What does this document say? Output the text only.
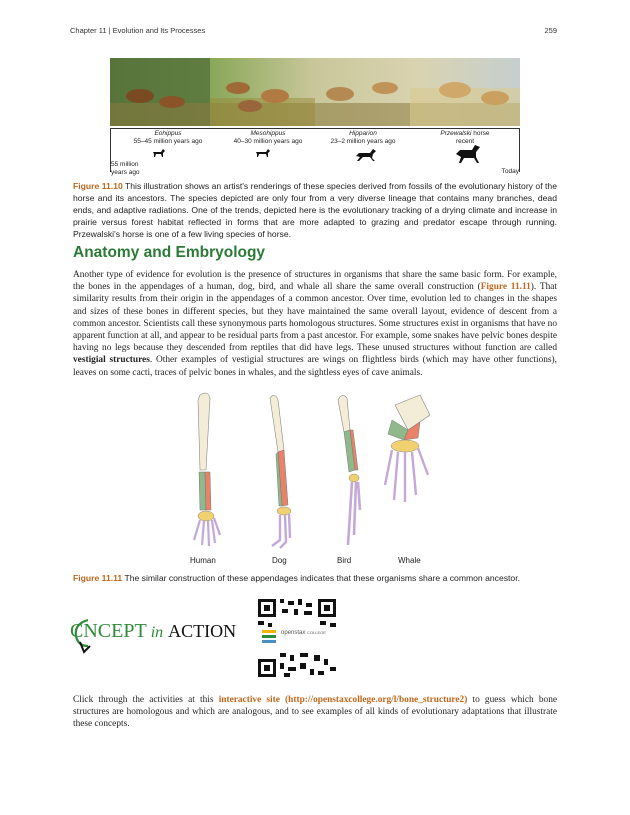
Chapter 11 | Evolution and Its Processes	259
Eohippus
55–45 million years ago
Mesohippus
40–30 million years ago
Hipparion
23–2 million years ago
Przewalski horse
recent
55 million
years ago	Today
Figure 11.10 This illustration shows an artist's renderings of these species derived from fossils of the evolutionary history of the horse and its ancestors. The species depicted are only four from a very diverse lineage that contains many branches, dead ends, and adaptive radiations. One of the trends, depicted here is the evolutionary tracking of a drying climate and increase in prairie versus forest habitat reflected in forms that are more adapted to grazing and predator escape through running. Przewalski's horse is one of a few living species of horse.
Anatomy and Embryology

Another type of evidence for evolution is the presence of structures in organisms that share the same basic form. For example, the bones in the appendages of a human, dog, bird, and whale all share the same overall construction (Figure 11.11). That similarity results from their origin in the appendages of a common ancestor. Over time, evolution led to changes in the shapes and sizes of these bones in different species, but they have maintained the same overall layout, evidence of descent from a common ancestor. Scientists call these synonymous parts homologous structures. Some structures exist in organisms that have no apparent function at all, and appear to be residual parts from a past ancestor. For example, some snakes have pelvic bones despite having no legs because they descended from reptiles that did have legs. These unused structures without function are called vestigial structures. Other examples of vestigial structures are wings on flightless birds (which may have other functions), leaves on some cacti, traces of pelvic bones in whales, and the sightless eyes of cave animals.

Human	Dog	Bird	Whale
Figure 11.11 The similar construction of these appendages indicates that these organisms share a common ancestor.
CNCEPT in ACTION	openstax COLLEGE

Click through the activities at this interactive site (http://openstaxcollege.org/l/bone_structure2) to guess which bone structures are homologous and which are analogous, and to see examples of all kinds of evolutionary adaptations that illustrate these concepts.
